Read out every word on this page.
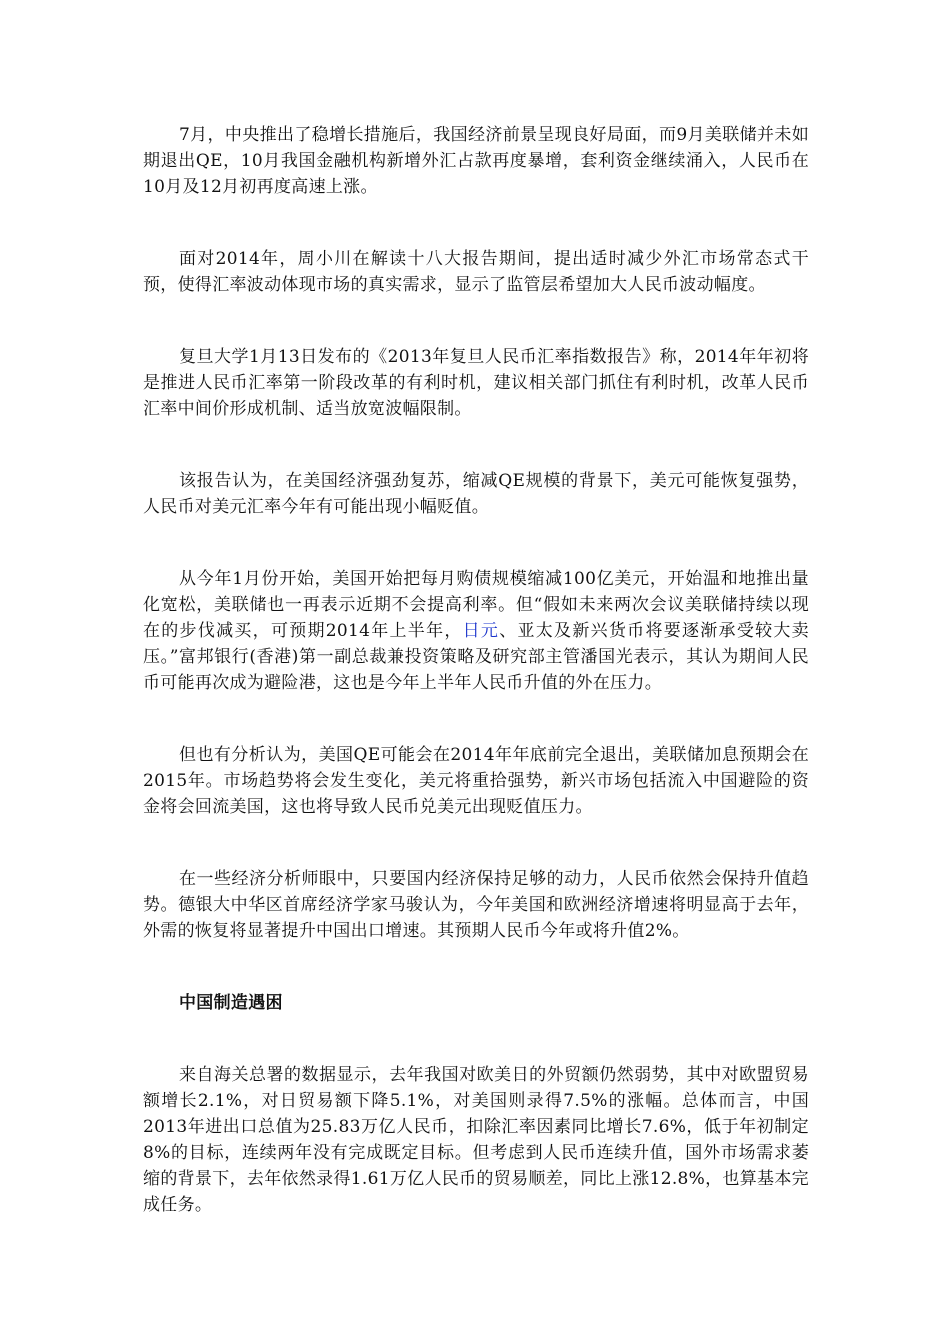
7月，中央推出了稳增长措施后，我国经济前景呈现良好局面，而9月美联储并未如期退出QE，10月我国金融机构新增外汇占款再度暴增，套利资金继续涌入，人民币在10月及12月初再度高速上涨。

面对2014年，周小川在解读十八大报告期间，提出适时减少外汇市场常态式干预，使得汇率波动体现市场的真实需求，显示了监管层希望加大人民币波动幅度。

复旦大学1月13日发布的《2013年复旦人民币汇率指数报告》称，2014年年初将是推进人民币汇率第一阶段改革的有利时机，建议相关部门抓住有利时机，改革人民币汇率中间价形成机制、适当放宽波幅限制。

该报告认为，在美国经济强劲复苏，缩减QE规模的背景下，美元可能恢复强势，人民币对美元汇率今年有可能出现小幅贬值。

从今年1月份开始，美国开始把每月购债规模缩减100亿美元，开始温和地推出量化宽松，美联储也一再表示近期不会提高利率。但“假如未来两次会议美联储持续以现在的步伐减买，可预期2014年上半年，日元、亚太及新兴货币将要逐渐承受较大卖压。”富邦银行(香港)第一副总裁兼投资策略及研究部主管潘国光表示，其认为期间人民币可能再次成为避险港，这也是今年上半年人民币升值的外在压力。

但也有分析认为，美国QE可能会在2014年年底前完全退出，美联储加息预期会在2015年。市场趋势将会发生变化，美元将重拾强势，新兴市场包括流入中国避险的资金将会回流美国，这也将导致人民币兑美元出现贬值压力。

在一些经济分析师眼中，只要国内经济保持足够的动力，人民币依然会保持升值趋势。德银大中华区首席经济学家马骏认为，今年美国和欧洲经济增速将明显高于去年，外需的恢复将显著提升中国出口增速。其预期人民币今年或将升值2%。

中国制造遇困

来自海关总署的数据显示，去年我国对欧美日的外贸额仍然弱势，其中对欧盟贸易额增长2.1%，对日贸易额下降5.1%，对美国则录得7.5%的涨幅。总体而言，中国2013年进出口总值为25.83万亿人民币，扣除汇率因素同比增长7.6%，低于年初制定8%的目标，连续两年没有完成既定目标。但考虑到人民币连续升值，国外市场需求萎缩的背景下，去年依然录得1.61万亿人民币的贸易顺差，同比上涨12.8%，也算基本完成任务。
